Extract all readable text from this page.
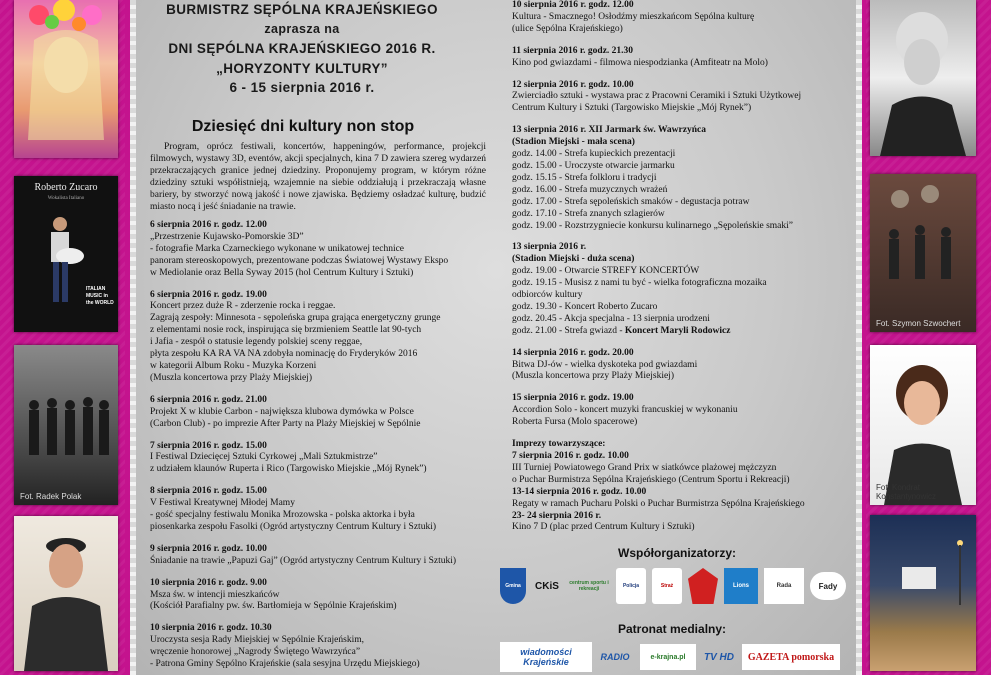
Roberto Zucaro
Wokalista Italiano
ITALIAN MUSIC in the WORLD
Fot. Radek Polak
Fot. Szymon Szwochert
Fot. Kondrat Konstantynowicz
BURMISTRZ SĘPÓLNA KRAJEŃSKIEGO
zaprasza na
DNI SĘPÓLNA KRAJEŃSKIEGO 2016 R.
„HORYZONTY KULTURY”
6 - 15 sierpnia 2016 r.
Dziesięć dni kultury non stop
Program, oprócz festiwali, koncertów, happeningów, performance, projekcji filmowych, wystawy 3D, eventów, akcji specjalnych, kina 7 D zawiera szereg wydarzeń przekraczających granice jednej dziedziny. Proponujemy program, w którym różne dziedziny sztuki współistnieją, wzajemnie na siebie oddziałują i przekraczają własne bariery, by stworzyć nową jakość i nowe zjawiska. Będziemy osładzać kulturę, budzić miasto nocą i jeść śniadanie na trawie.

6 sierpnia 2016 r. godz. 12.00

„Przestrzenie Kujawsko-Pomorskie 3D”

- fotografie Marka Czarneckiego wykonane w unikatowej technice

panoram stereoskopowych, prezentowane podczas Światowej Wystawy Ekspo

w Mediolanie oraz Bella Syway 2015 (hol Centrum Kultury i Sztuki)

6 sierpnia 2016 r. godz. 19.00

Koncert przez duże R - zderzenie rocka i reggae.

Zagrają zespoły: Minnesota - sępoleńska grupa grająca energetyczny grunge

z elementami nosie rock, inspirująca się brzmieniem Seattle lat 90-tych

i Jafia - zespół o statusie legendy polskiej sceny reggae,

płyta zespołu KA RA VA NA zdobyła nominację do Fryderyków 2016

w kategorii Album Roku - Muzyka Korzeni

(Muszla koncertowa przy Plaży Miejskiej)

6 sierpnia 2016 r. godz. 21.00

Projekt X w klubie Carbon - największa klubowa dymówka w Polsce

(Carbon Club) - po imprezie After Party na Plaży Miejskiej w Sępólnie

7 sierpnia 2016 r. godz. 15.00

I Festiwal Dziecięcej Sztuki Cyrkowej „Mali Sztukmistrze”

z udziałem klaunów Ruperta i Rico (Targowisko Miejskie „Mój Rynek”)

8 sierpnia 2016 r. godz. 15.00

V Festiwal Kreatywnej Młodej Mamy

- gość specjalny festiwalu Monika Mrozowska - polska aktorka i była

piosenkarka zespołu Fasolki (Ogród artystyczny Centrum Kultury i Sztuki)

9 sierpnia 2016 r. godz. 10.00

Śniadanie na trawie „Papuzi Gaj” (Ogród artystyczny Centrum Kultury i Sztuki)

10 sierpnia 2016 r. godz. 9.00

Msza św. w intencji mieszkańców

(Kościół Parafialny pw. św. Bartłomieja w Sępólnie Krajeńskim)

10 sierpnia 2016 r. godz. 10.30

Uroczysta sesja Rady Miejskiej w Sępólnie Krajeńskim,

wręczenie honorowej „Nagrody Świętego Wawrzyńca”

- Patrona Gminy Sępólno Krajeńskie (sala sesyjna Urzędu Miejskiego)

10 sierpnia 2016 r. godz. 12.00

Kultura - Smacznego! Osłodźmy mieszkańcom Sępólna kulturę

(ulice Sępólna Krajeńskiego)

11 sierpnia 2016 r. godz. 21.30

Kino pod gwiazdami - filmowa niespodzianka (Amfiteatr na Molo)

12 sierpnia 2016 r. godz. 10.00

Zwierciadło sztuki - wystawa prac z Pracowni Ceramiki i Sztuki Użytkowej

Centrum Kultury i Sztuki (Targowisko Miejskie „Mój Rynek”)

13 sierpnia 2016 r. XII Jarmark św. Wawrzyńca

(Stadion Miejski - mała scena)

godz. 14.00 - Strefa kupieckich prezentacji

godz. 15.00 - Uroczyste otwarcie jarmarku

godz. 15.15 - Strefa folkloru i tradycji

godz. 16.00 - Strefa muzycznych wrażeń

godz. 17.00 - Strefa sępoleńskich smaków - degustacja potraw

godz. 17.10 - Strefa znanych szlagierów

godz. 19.00 - Rozstrzygniecie konkursu kulinarnego „Sępoleńskie smaki”

13 sierpnia 2016 r.

(Stadion Miejski - duża scena)

godz. 19.00 - Otwarcie STREFY KONCERTÓW

godz. 19.15 - Musisz z nami tu być - wielka fotograficzna mozaika

odbiorców kultury

godz. 19.30 - Koncert Roberto Zucaro

godz. 20.45 - Akcja specjalna - 13 sierpnia urodzeni

godz. 21.00 - Strefa gwiazd - Koncert Maryli Rodowicz

14 sierpnia 2016 r. godz. 20.00

Bitwa DJ-ów - wielka dyskoteka pod gwiazdami

(Muszla koncertowa przy Plaży Miejskiej)

15 sierpnia 2016 r. godz. 19.00

Accordion Solo - koncert muzyki francuskiej w wykonaniu

Roberta Fursa (Molo spacerowe)

Imprezy towarzyszące:

7 sierpnia 2016 r. godz. 10.00

III Turniej Powiatowego Grand Prix w siatkówce plażowej mężczyzn

o Puchar Burmistrza Sępólna Krajeńskiego (Centrum Sportu i Rekreacji)

13-14 sierpnia 2016 r. godz. 10.00

Regaty w ramach Pucharu Polski o Puchar Burmistrza Sępólna Krajeńskiego

23- 24 sierpnia 2016 r.

Kino 7 D (plac przed Centrum Kultury i Sztuki)

Współorganizatorzy:
Gmina CKiS centrum sportu i rekreacji	Policja	Straż	Lions	Rada	Fady
Patronat medialny:
wiadomości Krajeńskie	RADIO	e-krajna.pl TV HD GAZETA pomorska
